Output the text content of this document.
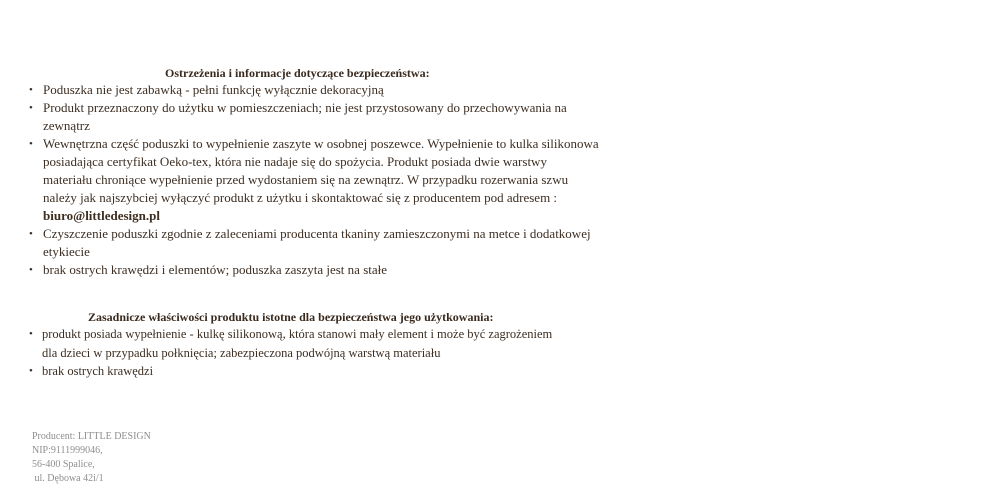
Ostrzeżenia i informacje dotyczące bezpieczeństwa:
• Poduszka nie jest zabawką - pełni funkcję wyłącznie dekoracyjną
• Produkt przeznaczony do użytku w pomieszczeniach; nie jest przystosowany do przechowywania na zewnątrz
• Wewnętrzna część poduszki to wypełnienie zaszyte w osobnej poszewce. Wypełnienie to kulka silikonowa posiadająca certyfikat Oeko-tex, która nie nadaje się do spożycia. Produkt posiada dwie warstwy materiału chroniące wypełnienie przed wydostaniem się na zewnątrz. W przypadku rozerwania szwu należy jak najszybciej wyłączyć produkt z użytku i skontaktować się z producentem pod adresem : biuro@littledesign.pl
• Czyszczenie poduszki zgodnie z zaleceniami producenta tkaniny zamieszczonymi na metce i dodatkowej etykiecie
• brak ostrych krawędzi i elementów; poduszka zaszyta jest na stałe
Zasadnicze właściwości produktu istotne dla bezpieczeństwa jego użytkowania:
• produkt posiada wypełnienie - kulkę silikonową, która stanowi mały element i może być zagrożeniem dla dzieci w przypadku połknięcia; zabezpieczona podwójną warstwą materiału
• brak ostrych krawędzi
Producent: LITTLE DESIGN
NIP:9111999046,
56-400 Spalice,
ul. Dębowa 42i/1
